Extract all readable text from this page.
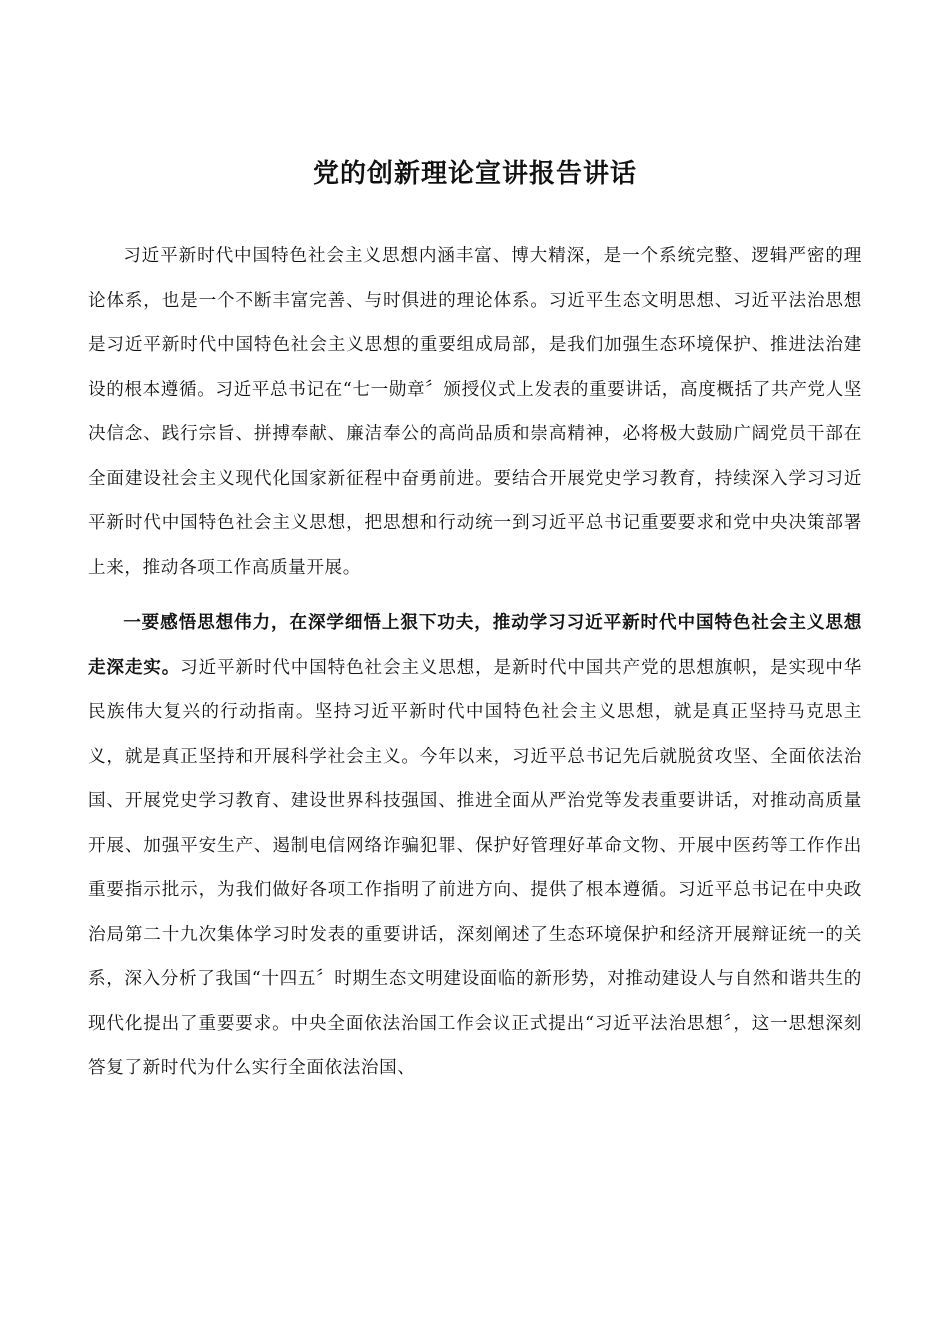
党的创新理论宣讲报告讲话

习近平新时代中国特色社会主义思想内涵丰富、博大精深，是一个系统完整、逻辑严密的理论体系，也是一个不断丰富完善、与时俱进的理论体系。习近平生态文明思想、习近平法治思想是习近平新时代中国特色社会主义思想的重要组成局部，是我们加强生态环境保护、推进法治建设的根本遵循。习近平总书记在“七一勋章〞颁授仪式上发表的重要讲话，高度概括了共产党人坚决信念、践行宗旨、拼搏奉献、廉洁奉公的高尚品质和崇高精神，必将极大鼓励广阔党员干部在全面建设社会主义现代化国家新征程中奋勇前进。要结合开展党史学习教育，持续深入学习习近平新时代中国特色社会主义思想，把思想和行动统一到习近平总书记重要要求和党中央决策部署上来，推动各项工作高质量开展。

一要感悟思想伟力，在深学细悟上狠下功夫，推动学习习近平新时代中国特色社会主义思想走深走实。习近平新时代中国特色社会主义思想，是新时代中国共产党的思想旗帜，是实现中华民族伟大复兴的行动指南。坚持习近平新时代中国特色社会主义思想，就是真正坚持马克思主义，就是真正坚持和开展科学社会主义。今年以来，习近平总书记先后就脱贫攻坚、全面依法治国、开展党史学习教育、建设世界科技强国、推进全面从严治党等发表重要讲话，对推动高质量开展、加强平安生产、遏制电信网络诈骗犯罪、保护好管理好革命文物、开展中医药等工作作出重要指示批示，为我们做好各项工作指明了前进方向、提供了根本遵循。习近平总书记在中央政治局第二十九次集体学习时发表的重要讲话，深刻阐述了生态环境保护和经济开展辩证统一的关系，深入分析了我国“十四五〞时期生态文明建设面临的新形势，对推动建设人与自然和谐共生的现代化提出了重要要求。中央全面依法治国工作会议正式提出“习近平法治思想〞，这一思想深刻答复了新时代为什么实行全面依法治国、
